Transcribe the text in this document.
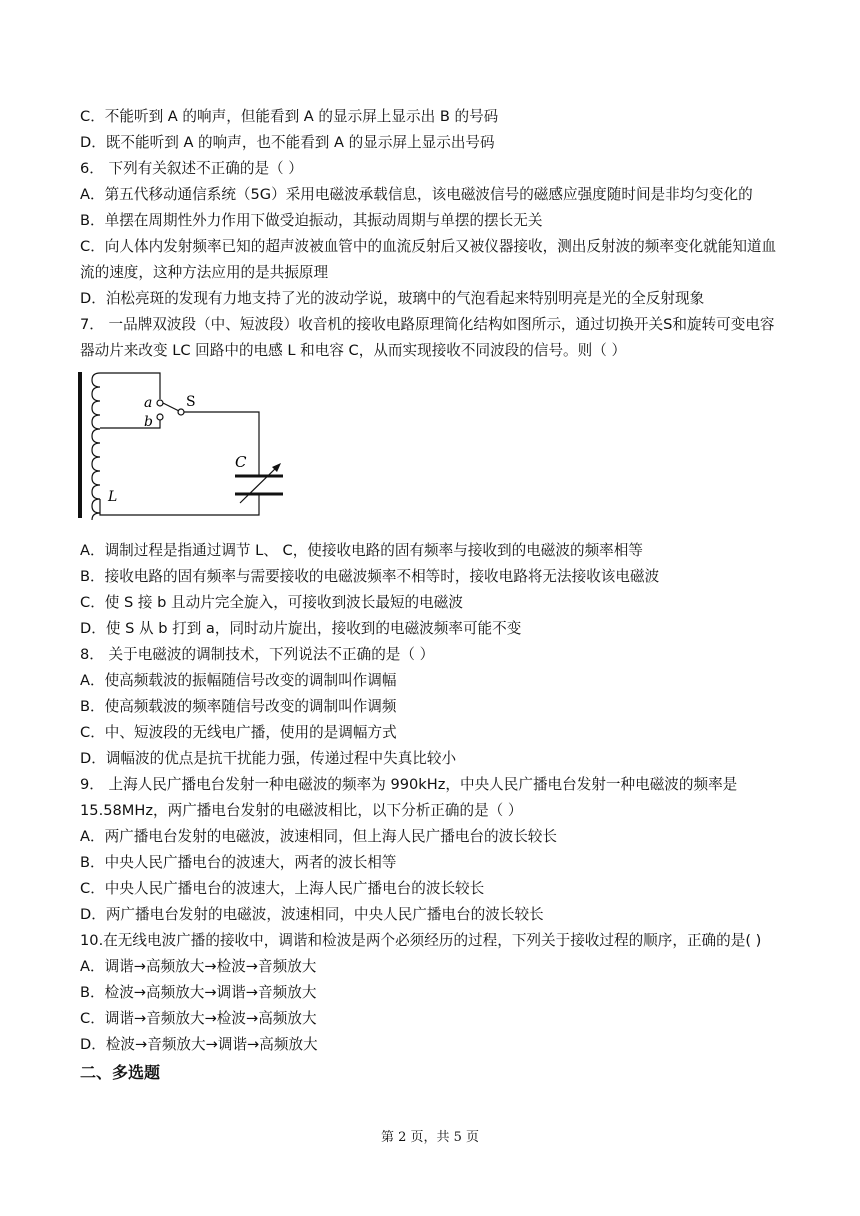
C．不能听到 A 的响声，但能看到 A 的显示屏上显示出 B 的号码
D．既不能听到 A 的响声，也不能看到 A 的显示屏上显示出号码
6． 下列有关叙述不正确的是（ ）
A．第五代移动通信系统（5G）采用电磁波承载信息，该电磁波信号的磁感应强度随时间是非均匀变化的
B．单摆在周期性外力作用下做受迫振动，其振动周期与单摆的摆长无关
C．向人体内发射频率已知的超声波被血管中的血流反射后又被仪器接收，测出反射波的频率变化就能知道血
流的速度，这种方法应用的是共振原理
D．泊松亮斑的发现有力地支持了光的波动学说，玻璃中的气泡看起来特别明亮是光的全反射现象
7． 一品牌双波段（中、短波段）收音机的接收电路原理简化结构如图所示，通过切换开关S和旋转可变电容
器动片来改变 LC 回路中的电感 L 和电容 C，从而实现接收不同波段的信号。则（ ）
A．调制过程是指通过调节 L、 C，使接收电路的固有频率与接收到的电磁波的频率相等
B．接收电路的固有频率与需要接收的电磁波频率不相等时，接收电路将无法接收该电磁波
C．使 S 接 b 且动片完全旋入，可接收到波长最短的电磁波
D．使 S 从 b 打到 a，同时动片旋出，接收到的电磁波频率可能不变
8． 关于电磁波的调制技术，下列说法不正确的是（ ）
A．使高频载波的振幅随信号改变的调制叫作调幅
B．使高频载波的频率随信号改变的调制叫作调频
C．中、短波段的无线电广播，使用的是调幅方式
D．调幅波的优点是抗干扰能力强，传递过程中失真比较小
9． 上海人民广播电台发射一种电磁波的频率为 990kHz，中央人民广播电台发射一种电磁波的频率是
15.58MHz，两广播电台发射的电磁波相比，以下分析正确的是（ ）
A．两广播电台发射的电磁波，波速相同，但上海人民广播电台的波长较长
B．中央人民广播电台的波速大，两者的波长相等
C．中央人民广播电台的波速大，上海人民广播电台的波长较长
D．两广播电台发射的电磁波，波速相同，中央人民广播电台的波长较长
10.在无线电波广播的接收中，调谐和检波是两个必须经历的过程，下列关于接收过程的顺序，正确的是( )
A．调谐→高频放大→检波→音频放大
B．检波→高频放大→调谐→音频放大
C．调谐→音频放大→检波→高频放大
D．检波→音频放大→调谐→高频放大
二、多选题
a
b
S
C
L
第 2 页，共 5 页
